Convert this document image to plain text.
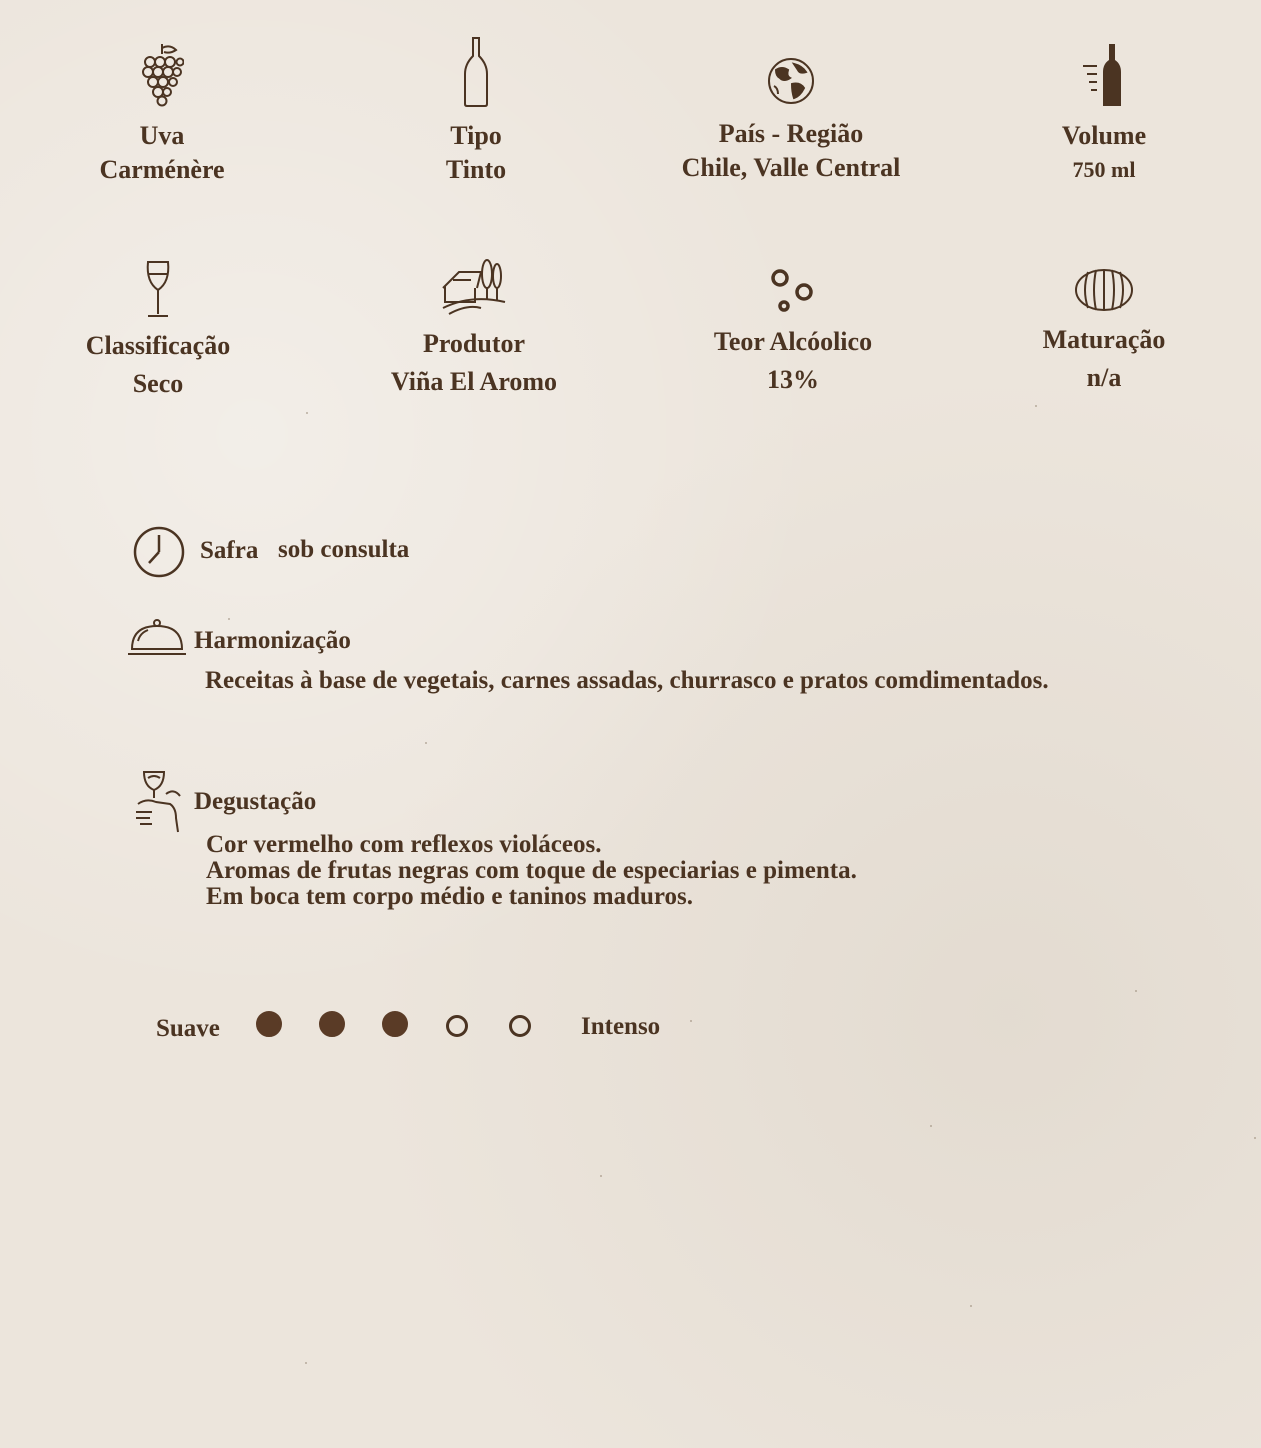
Uva
Carménère
Tipo
Tinto
País - Região
Chile, Valle Central
Volume
750 ml
Classificação
Seco
Produtor
Viña El Aromo
Teor Alcóolico
13%
Maturação
n/a
Safra sob consulta
Harmonização
Receitas à base de vegetais, carnes assadas, churrasco e pratos comdimentados.
Degustação
Cor vermelho com reflexos violáceos.
Aromas de frutas negras com toque de especiarias e pimenta.
Em boca tem corpo médio e taninos maduros.
Suave	Intenso
